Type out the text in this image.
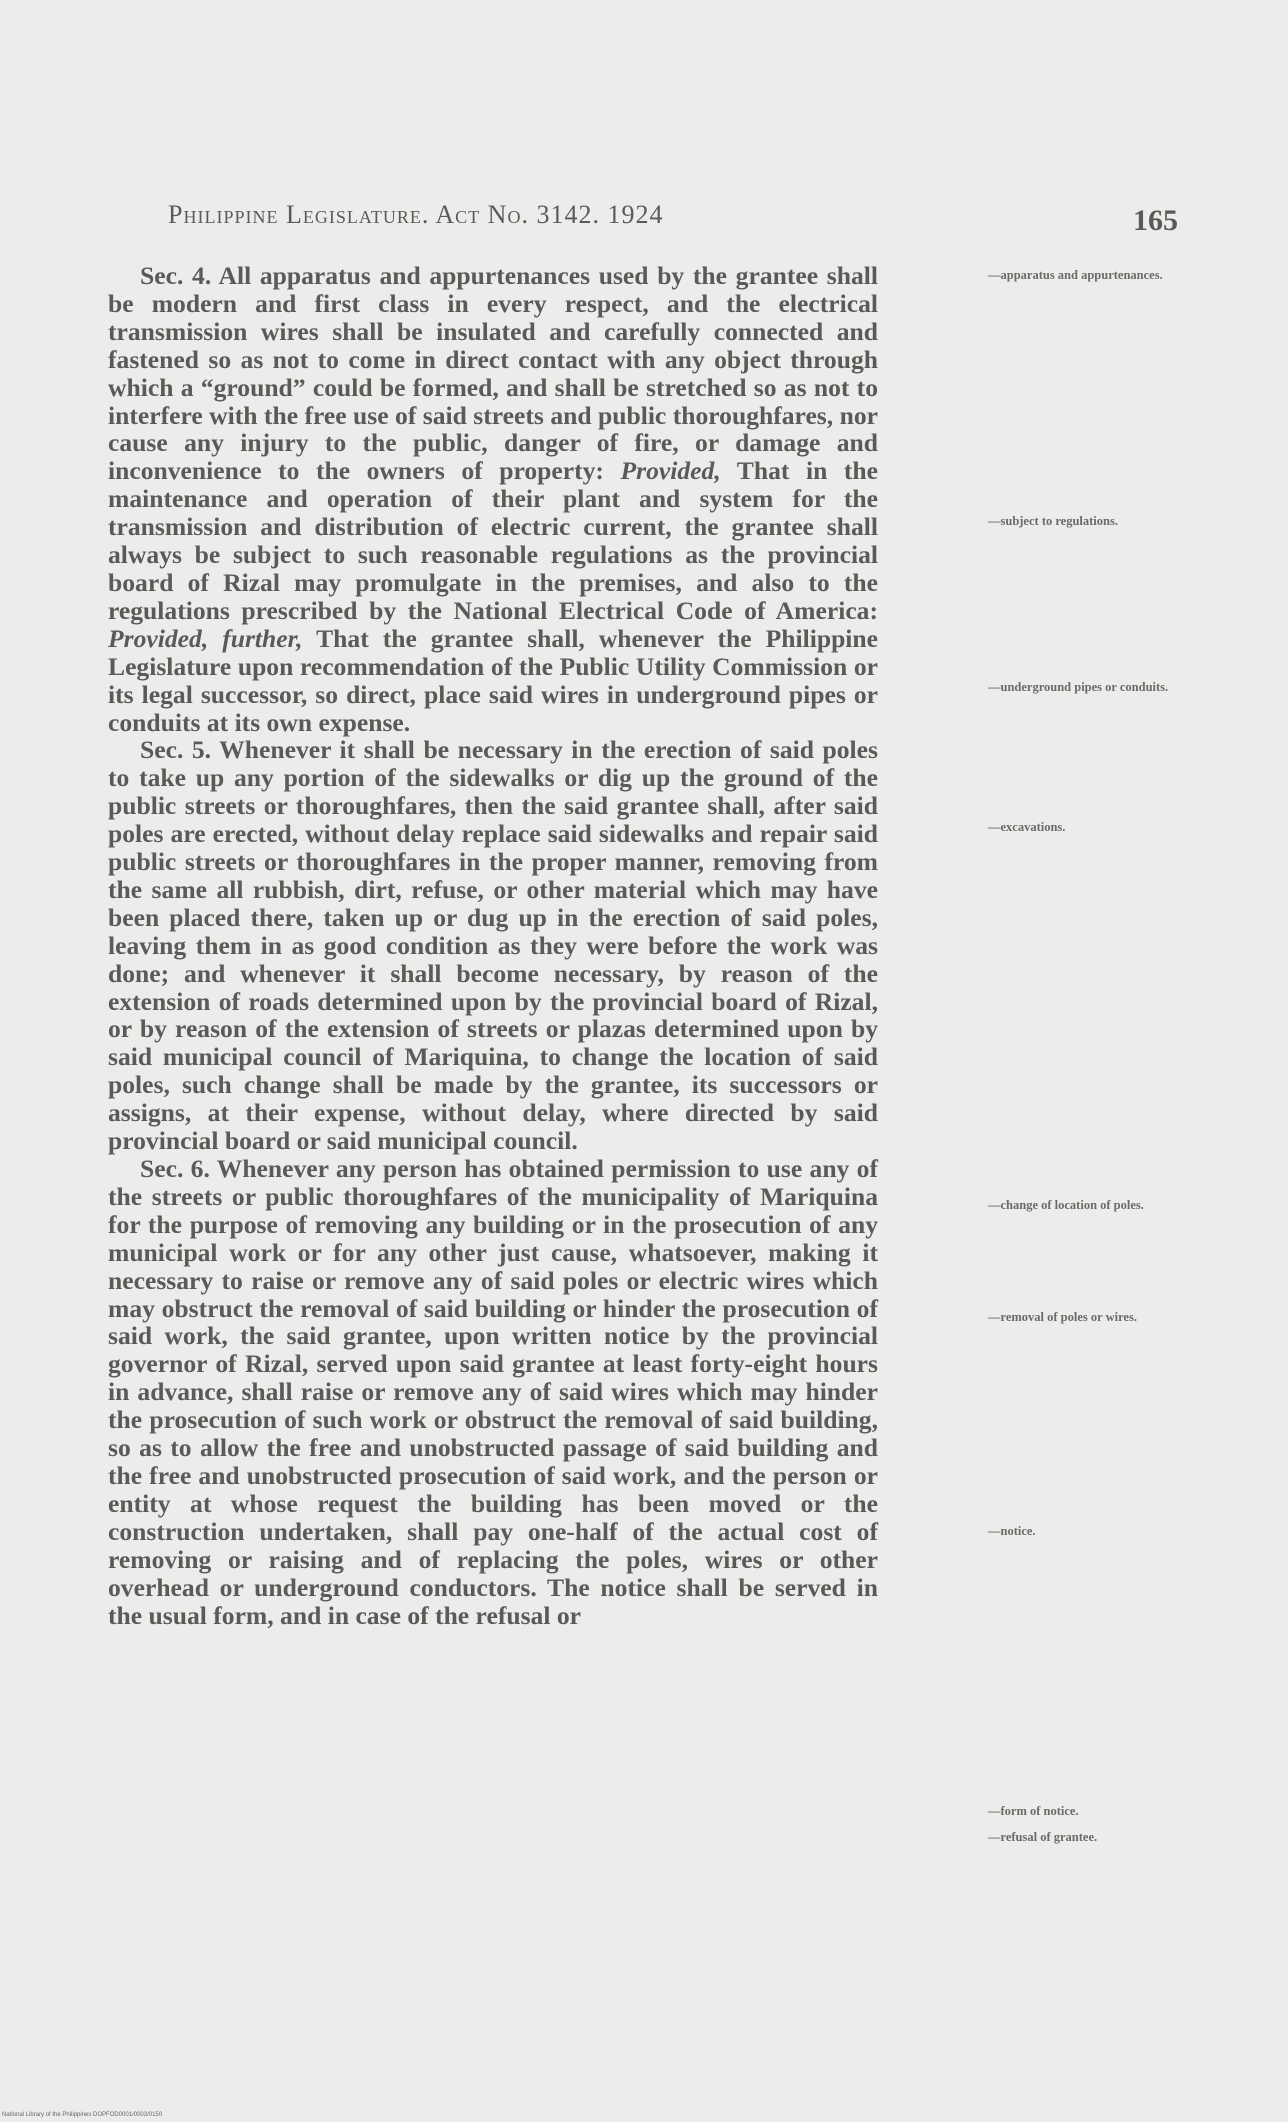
Philippine Legislature. Act No. 3142. 1924	165

Sec. 4. All apparatus and appurtenances used by the grantee shall be modern and first class in every respect, and the electrical transmission wires shall be insulated and carefully connected and fastened so as not to come in direct contact with any object through which a “ground” could be formed, and shall be stretched so as not to interfere with the free use of said streets and public thoroughfares, nor cause any injury to the public, danger of fire, or damage and inconvenience to the owners of property: Provided, That in the maintenance and operation of their plant and system for the transmission and distribution of electric current, the grantee shall always be subject to such reasonable regulations as the provincial board of Rizal may promulgate in the premises, and also to the regulations prescribed by the National Electrical Code of America: Provided, further, That the grantee shall, whenever the Philippine Legislature upon recommendation of the Public Utility Commission or its legal successor, so direct, place said wires in underground pipes or conduits at its own expense.

Sec. 5. Whenever it shall be necessary in the erection of said poles to take up any portion of the sidewalks or dig up the ground of the public streets or thoroughfares, then the said grantee shall, after said poles are erected, without delay replace said sidewalks and repair said public streets or thoroughfares in the proper manner, removing from the same all rubbish, dirt, refuse, or other material which may have been placed there, taken up or dug up in the erection of said poles, leaving them in as good condition as they were before the work was done; and whenever it shall become necessary, by reason of the extension of roads determined upon by the provincial board of Rizal, or by reason of the extension of streets or plazas determined upon by said municipal council of Mariquina, to change the location of said poles, such change shall be made by the grantee, its successors or assigns, at their expense, without delay, where directed by said provincial board or said municipal council.

Sec. 6. Whenever any person has obtained permission to use any of the streets or public thoroughfares of the municipality of Mariquina for the purpose of removing any building or in the prosecution of any municipal work or for any other just cause, whatsoever, making it necessary to raise or remove any of said poles or electric wires which may obstruct the removal of said building or hinder the prosecution of said work, the said grantee, upon written notice by the provincial governor of Rizal, served upon said grantee at least forty-eight hours in advance, shall raise or remove any of said wires which may hinder the prosecution of such work or obstruct the removal of said building, so as to allow the free and unobstructed passage of said building and the free and unobstructed prosecution of said work, and the person or entity at whose request the building has been moved or the construction undertaken, shall pay one-half of the actual cost of removing or raising and of replacing the poles, wires or other overhead or underground conductors. The notice shall be served in the usual form, and in case of the refusal or

—apparatus and appurtenances.
—subject to regulations.
—underground pipes or conduits.
—excavations.
—change of location of poles.
—removal of poles or wires.
—notice.
—form of notice.
—refusal of grantee.
National Library of the Philippines DOPFOD0001/0003/0150
